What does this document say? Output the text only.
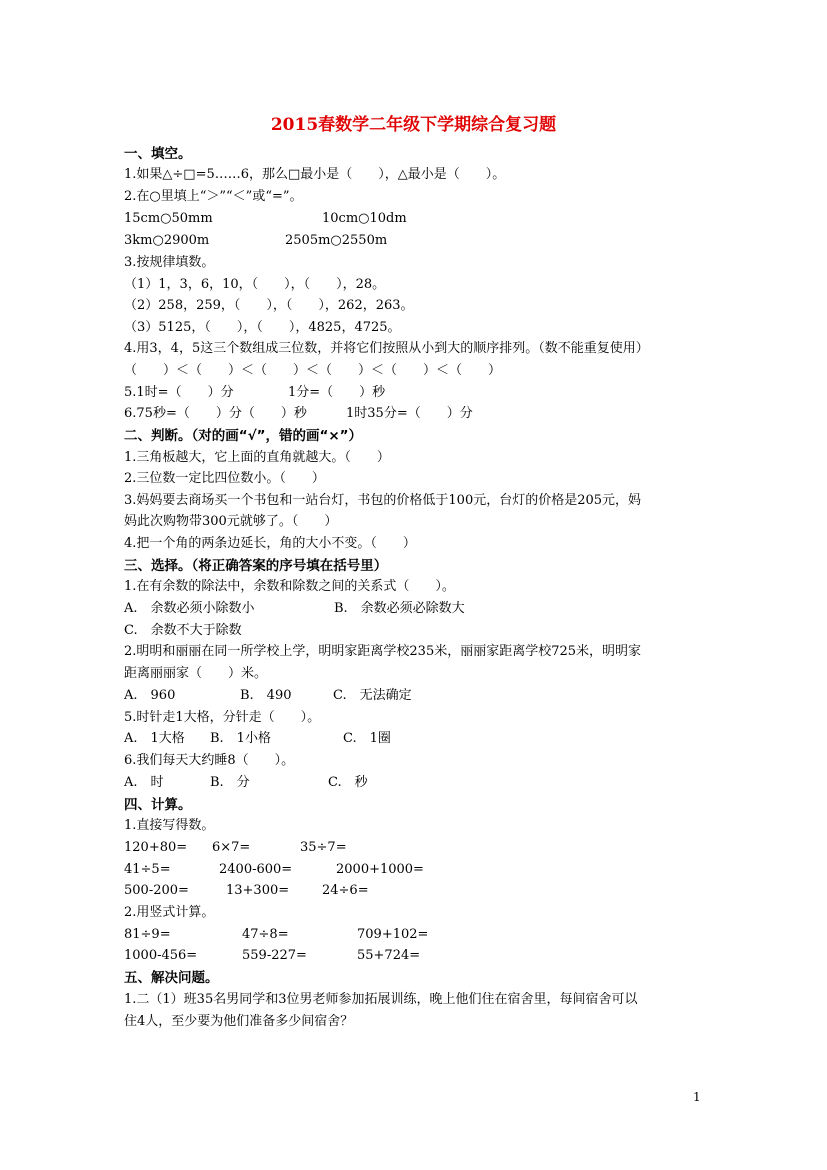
2015春数学二年级下学期综合复习题
一、填空。
1.如果△÷□=5……6，那么□最小是（　　），△最小是（　　）。
2.在○里填上“＞”“＜”或“=”。
15cm○50mm	10cm○10dm
3km○2900m	2505m○2550m
3.按规律填数。
（1）1，3，6，10，（　　），（　　），28。
（2）258，259，（　　），（　　），262，263。
（3）5125，（　　），（　　），4825，4725。
4.用3，4，5这三个数组成三位数，并将它们按照从小到大的顺序排列。（数不能重复使用）
（　　）＜（　　）＜（　　）＜（　　）＜（　　）＜（　　）
5.1时=（　　）分	1分=（　　）秒
6.75秒=（　　）分（　　）秒	1时35分=（　　）分
二、判断。（对的画“√”，错的画“×”）
1.三角板越大，它上面的直角就越大。（　　）
2.三位数一定比四位数小。（　　）
3.妈妈要去商场买一个书包和一站台灯，书包的价格低于100元，台灯的价格是205元，妈
妈此次购物带300元就够了。（　　）
4.把一个角的两条边延长，角的大小不变。（　　）
三、选择。（将正确答案的序号填在括号里）
1.在有余数的除法中，余数和除数之间的关系式（　　）。
A.　余数必须小除数小	B.　余数必须必除数大
C.　余数不大于除数
2.明明和丽丽在同一所学校上学，明明家距离学校235米，丽丽家距离学校725米，明明家
距离丽丽家（　　）米。
A.　960	B.　490	C.　无法确定
5.时针走1大格，分针走（　　）。
A.　1大格 B.　1小格	C.　1圈
6.我们每天大约睡8（　　）。
A.　时	B.　分	C.　秒
四、计算。
1.直接写得数。
120+80= 6×7=	35÷7=
41÷5=	2400-600=	2000+1000=
500-200=	13+300=	24÷6=
2.用竖式计算。
81÷9=	47÷8=	709+102=
1000-456=	559-227=	55+724=
五、解决问题。
1.二（1）班35名男同学和3位男老师参加拓展训练，晚上他们住在宿舍里，每间宿舍可以
住4人，至少要为他们准备多少间宿舍？
1
